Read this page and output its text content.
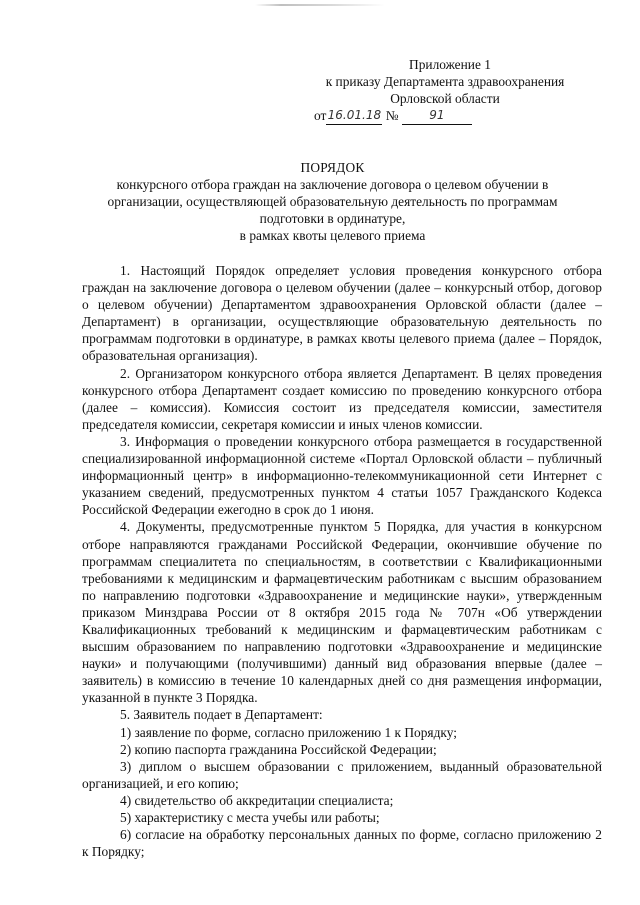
Приложение 1
к приказу Департамента здравоохранения
Орловской области
от16.01.18 №	91
ПОРЯДОК
конкурсного отбора граждан на заключение договора о целевом обучении в
организации, осуществляющей образовательную деятельность по программам
подготовки в ординатуре,
в рамках квоты целевого приема

1. Настоящий Порядок определяет условия проведения конкурсного отбора граждан на заключение договора о целевом обучении (далее – конкурсный отбор, договор о целевом обучении) Департаментом здравоохранения Орловской области (далее – Департамент) в организации, осуществляющие образовательную деятельность по программам подготовки в ординатуре, в рамках квоты целевого приема (далее – Порядок, образовательная организация).

2. Организатором конкурсного отбора является Департамент. В целях проведения конкурсного отбора Департамент создает комиссию по проведению конкурсного отбора (далее – комиссия). Комиссия состоит из председателя комиссии, заместителя председателя комиссии, секретаря комиссии и иных членов комиссии.

3. Информация о проведении конкурсного отбора размещается в государственной специализированной информационной системе «Портал Орловской области – публичный информационный центр» в информационно-телекоммуникационной сети Интернет с указанием сведений, предусмотренных пунктом 4 статьи 1057 Гражданского Кодекса Российской Федерации ежегодно в срок до 1 июня.

4. Документы, предусмотренные пунктом 5 Порядка, для участия в конкурсном отборе направляются гражданами Российской Федерации, окончившие обучение по программам специалитета по специальностям, в соответствии с Квалификационными требованиями к медицинским и фармацевтическим работникам с высшим образованием по направлению подготовки «Здравоохранение и медицинские науки», утвержденным приказом Минздрава России от 8 октября 2015 года № 707н «Об утверждении Квалификационных требований к медицинским и фармацевтическим работникам с высшим образованием по направлению подготовки «Здравоохранение и медицинские науки» и получающими (получившими) данный вид образования впервые (далее – заявитель) в комиссию в течение 10 календарных дней со дня размещения информации, указанной в пункте 3 Порядка.

5. Заявитель подает в Департамент:

1) заявление по форме, согласно приложению 1 к Порядку;

2) копию паспорта гражданина Российской Федерации;

3) диплом о высшем образовании с приложением, выданный образовательной организацией, и его копию;

4) свидетельство об аккредитации специалиста;

5) характеристику с места учебы или работы;

6) согласие на обработку персональных данных по форме, согласно приложению 2 к Порядку;
